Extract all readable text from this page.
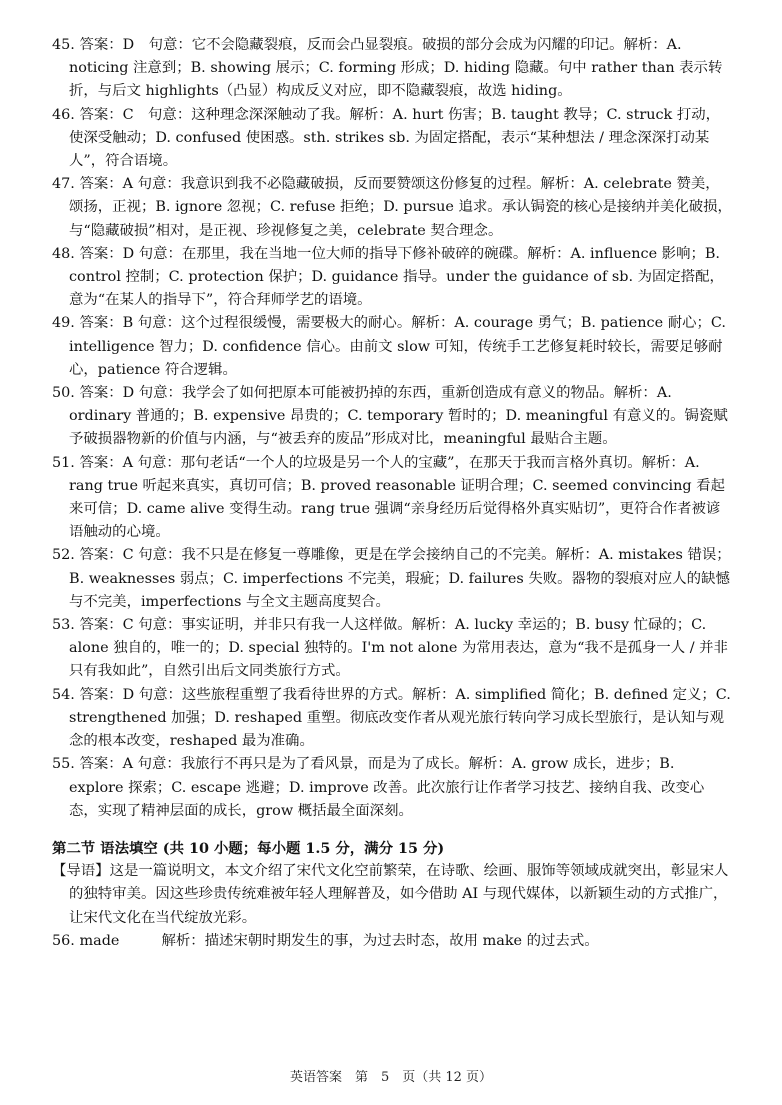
45. 答案：D　句意：它不会隐藏裂痕，反而会凸显裂痕。破损的部分会成为闪耀的印记。解析：A. noticing 注意到；B. showing 展示；C. forming 形成；D. hiding 隐藏。句中 rather than 表示转折，与后文 highlights（凸显）构成反义对应，即不隐藏裂痕，故选 hiding。

46. 答案：C　句意：这种理念深深触动了我。解析：A. hurt 伤害；B. taught 教导；C. struck 打动，使深受触动；D. confused 使困惑。sth. strikes sb. 为固定搭配，表示“某种想法 / 理念深深打动某人”，符合语境。

47. 答案：A 句意：我意识到我不必隐藏破损，反而要赞颂这份修复的过程。解析：A. celebrate 赞美，颂扬，正视；B. ignore 忽视；C. refuse 拒绝；D. pursue 追求。承认锔瓷的核心是接纳并美化破损，与“隐藏破损”相对，是正视、珍视修复之美，celebrate 契合理念。

48. 答案：D 句意：在那里，我在当地一位大师的指导下修补破碎的碗碟。解析：A. influence 影响；B. control 控制；C. protection 保护；D. guidance 指导。under the guidance of sb. 为固定搭配，意为“在某人的指导下”，符合拜师学艺的语境。

49. 答案：B 句意：这个过程很缓慢，需要极大的耐心。解析：A. courage 勇气；B. patience 耐心；C. intelligence 智力；D. confidence 信心。由前文 slow 可知，传统手工艺修复耗时较长，需要足够耐心，patience 符合逻辑。

50. 答案：D 句意：我学会了如何把原本可能被扔掉的东西，重新创造成有意义的物品。解析：A. ordinary 普通的；B. expensive 昂贵的；C. temporary 暂时的；D. meaningful 有意义的。锔瓷赋予破损器物新的价值与内涵，与“被丢弃的废品”形成对比，meaningful 最贴合主题。

51. 答案：A 句意：那句老话“一个人的垃圾是另一个人的宝藏”，在那天于我而言格外真切。解析：A. rang true 听起来真实，真切可信；B. proved reasonable 证明合理；C. seemed convincing 看起来可信；D. came alive 变得生动。rang true 强调“亲身经历后觉得格外真实贴切”，更符合作者被谚语触动的心境。

52. 答案：C 句意：我不只是在修复一尊雕像，更是在学会接纳自己的不完美。解析：A. mistakes 错误；B. weaknesses 弱点；C. imperfections 不完美，瑕疵；D. failures 失败。器物的裂痕对应人的缺憾与不完美，imperfections 与全文主题高度契合。

53. 答案：C 句意：事实证明，并非只有我一人这样做。解析：A. lucky 幸运的；B. busy 忙碌的；C. alone 独自的，唯一的；D. special 独特的。I'm not alone 为常用表达，意为“我不是孤身一人 / 并非只有我如此”，自然引出后文同类旅行方式。

54. 答案：D 句意：这些旅程重塑了我看待世界的方式。解析：A. simplified 简化；B. defined 定义；C. strengthened 加强；D. reshaped 重塑。彻底改变作者从观光旅行转向学习成长型旅行，是认知与观念的根本改变，reshaped 最为准确。

55. 答案：A 句意：我旅行不再只是为了看风景，而是为了成长。解析：A. grow 成长，进步；B. explore 探索；C. escape 逃避；D. improve 改善。此次旅行让作者学习技艺、接纳自我、改变心态，实现了精神层面的成长，grow 概括最全面深刻。

第二节 语法填空 (共 10 小题；每小题 1.5 分，满分 15 分)

【导语】这是一篇说明文，本文介绍了宋代文化空前繁荣，在诗歌、绘画、服饰等领域成就突出，彰显宋人的独特审美。因这些珍贵传统难被年轻人理解普及，如今借助 AI 与现代媒体，以新颖生动的方式推广，让宋代文化在当代绽放光彩。

56. made	解析：描述宋朝时期发生的事，为过去时态，故用 make 的过去式。

英语答案　第　5　页（共 12 页）
